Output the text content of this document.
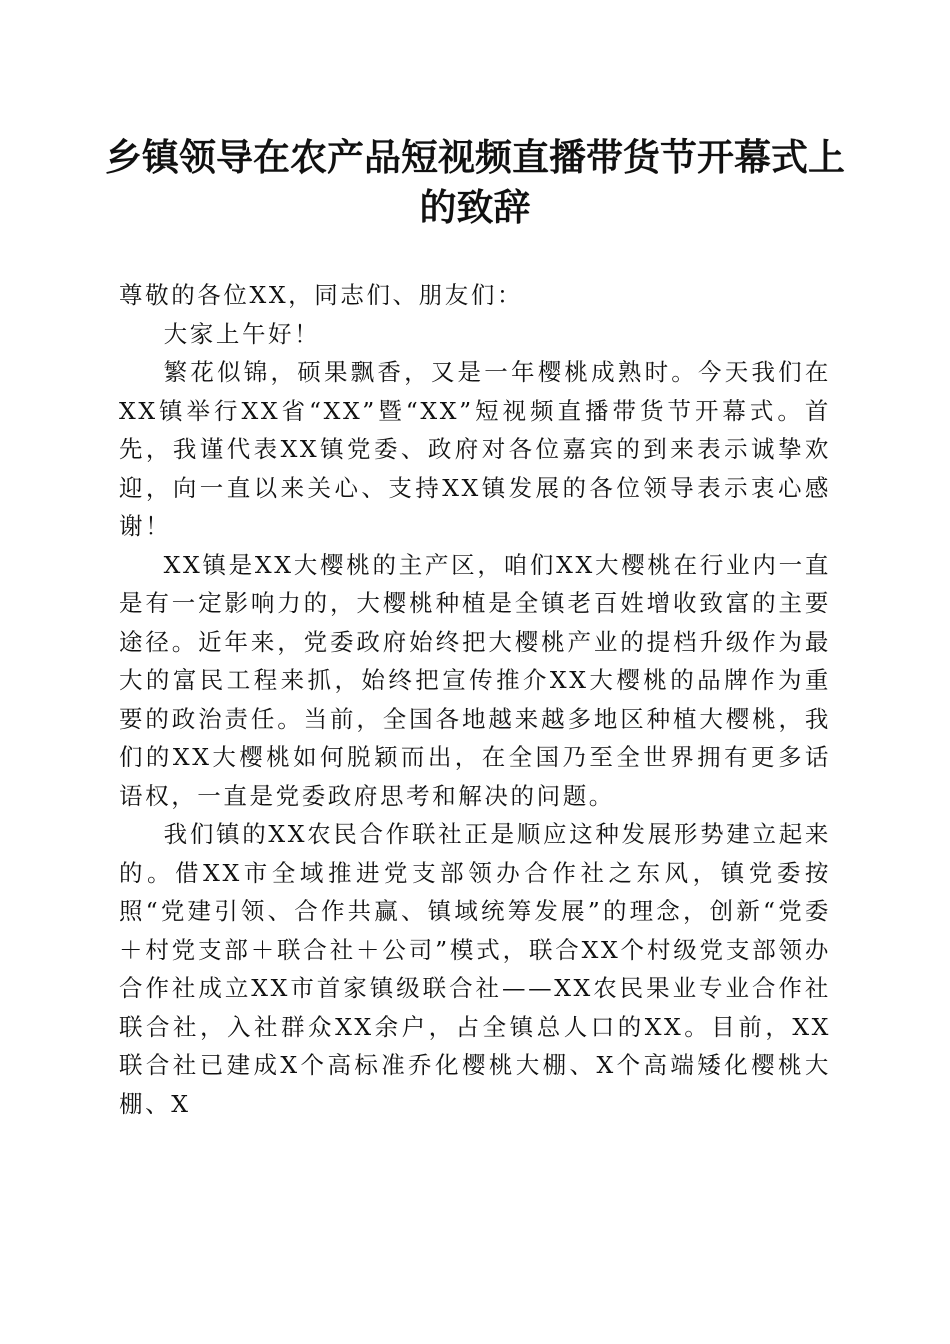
乡镇领导在农产品短视频直播带货节开幕式上的致辞

尊敬的各位XX，同志们、朋友们：

大家上午好！

繁花似锦，硕果飘香，又是一年樱桃成熟时。今天我们在XX镇举行XX省“XX”暨“XX”短视频直播带货节开幕式。首先，我谨代表XX镇党委、政府对各位嘉宾的到来表示诚挚欢迎，向一直以来关心、支持XX镇发展的各位领导表示衷心感谢！

XX镇是XX大樱桃的主产区，咱们XX大樱桃在行业内一直是有一定影响力的，大樱桃种植是全镇老百姓增收致富的主要途径。近年来，党委政府始终把大樱桃产业的提档升级作为最大的富民工程来抓，始终把宣传推介XX大樱桃的品牌作为重要的政治责任。当前，全国各地越来越多地区种植大樱桃，我们的XX大樱桃如何脱颖而出，在全国乃至全世界拥有更多话语权，一直是党委政府思考和解决的问题。

我们镇的XX农民合作联社正是顺应这种发展形势建立起来的。借XX市全域推进党支部领办合作社之东风，镇党委按照“党建引领、合作共赢、镇域统筹发展”的理念，创新“党委＋村党支部＋联合社＋公司”模式，联合XX个村级党支部领办合作社成立XX市首家镇级联合社——XX农民果业专业合作社联合社，入社群众XX余户，占全镇总人口的XX。目前，XX联合社已建成X个高标准乔化樱桃大棚、X个高端矮化樱桃大棚、X
